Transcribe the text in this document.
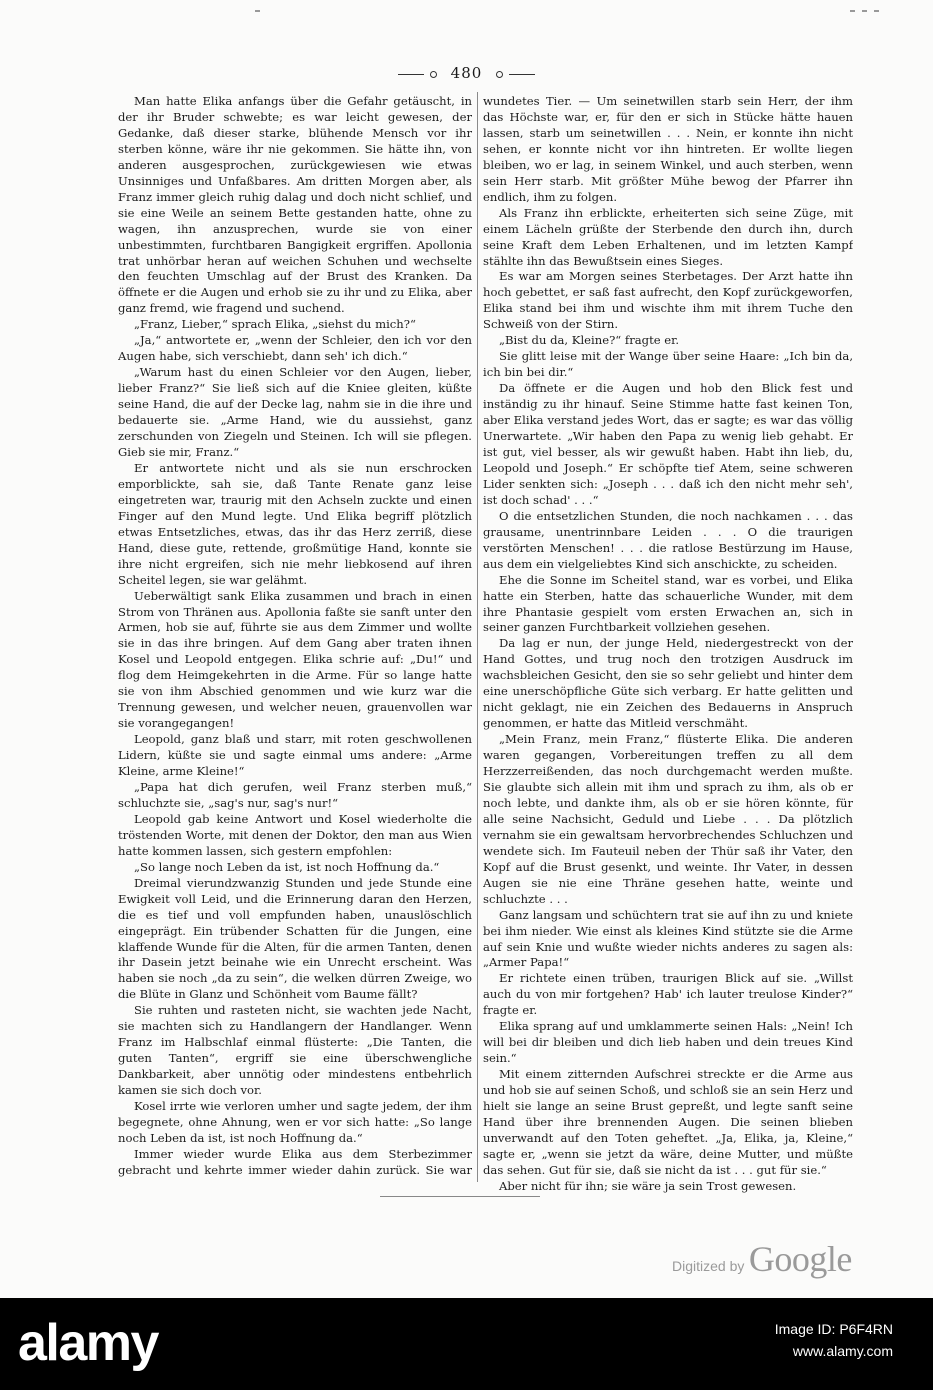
480

Man hatte Elika anfangs über die Gefahr getäuscht, in der ihr Bruder schwebte; es war leicht gewesen, der Gedanke, daß dieser starke, blühende Mensch vor ihr sterben könne, wäre ihr nie gekommen. Sie hätte ihn, von anderen ausgesprochen, zurückgewiesen wie etwas Unsinniges und Unfaßbares. Am dritten Morgen aber, als Franz immer gleich ruhig dalag und doch nicht schlief, und sie eine Weile an seinem Bette gestanden hatte, ohne zu wagen, ihn anzusprechen, wurde sie von einer unbestimmten, furchtbaren Bangigkeit ergriffen. Apollonia trat unhörbar heran auf weichen Schuhen und wechselte den feuchten Umschlag auf der Brust des Kranken. Da öffnete er die Augen und erhob sie zu ihr und zu Elika, aber ganz fremd, wie fragend und suchend.

„Franz, Lieber,“ sprach Elika, „siehst du mich?“

„Ja,“ antwortete er, „wenn der Schleier, den ich vor den Augen habe, sich verschiebt, dann seh' ich dich.“

„Warum hast du einen Schleier vor den Augen, lieber, lieber Franz?“ Sie ließ sich auf die Kniee gleiten, küßte seine Hand, die auf der Decke lag, nahm sie in die ihre und bedauerte sie. „Arme Hand, wie du aussiehst, ganz zerschunden von Ziegeln und Steinen. Ich will sie pflegen. Gieb sie mir, Franz.“

Er antwortete nicht und als sie nun erschrocken emporblickte, sah sie, daß Tante Renate ganz leise eingetreten war, traurig mit den Achseln zuckte und einen Finger auf den Mund legte. Und Elika begriff plötzlich etwas Entsetzliches, etwas, das ihr das Herz zerriß, diese Hand, diese gute, rettende, großmütige Hand, konnte sie ihre nicht ergreifen, sich nie mehr liebkosend auf ihren Scheitel legen, sie war gelähmt.

Ueberwältigt sank Elika zusammen und brach in einen Strom von Thränen aus. Apollonia faßte sie sanft unter den Armen, hob sie auf, führte sie aus dem Zimmer und wollte sie in das ihre bringen. Auf dem Gang aber traten ihnen Kosel und Leopold entgegen. Elika schrie auf: „Du!“ und flog dem Heimgekehrten in die Arme. Für so lange hatte sie von ihm Abschied genommen und wie kurz war die Trennung gewesen, und welcher neuen, grauenvollen war sie vorangegangen!

Leopold, ganz blaß und starr, mit roten geschwollenen Lidern, küßte sie und sagte einmal ums andere: „Arme Kleine, arme Kleine!“

„Papa hat dich gerufen, weil Franz sterben muß,“ schluchzte sie, „sag's nur, sag's nur!“

Leopold gab keine Antwort und Kosel wiederholte die tröstenden Worte, mit denen der Doktor, den man aus Wien hatte kommen lassen, sich gestern empfohlen:

„So lange noch Leben da ist, ist noch Hoffnung da.“

Dreimal vierundzwanzig Stunden und jede Stunde eine Ewigkeit voll Leid, und die Erinnerung daran den Herzen, die es tief und voll empfunden haben, unauslöschlich eingeprägt. Ein trübender Schatten für die Jungen, eine klaffende Wunde für die Alten, für die armen Tanten, denen ihr Dasein jetzt beinahe wie ein Unrecht erscheint. Was haben sie noch „da zu sein“, die welken dürren Zweige, wo die Blüte in Glanz und Schönheit vom Baume fällt?

Sie ruhten und rasteten nicht, sie wachten jede Nacht, sie machten sich zu Handlangern der Handlanger. Wenn Franz im Halbschlaf einmal flüsterte: „Die Tanten, die guten Tanten“, ergriff sie eine überschwengliche Dankbarkeit, aber unnötig oder mindestens entbehrlich kamen sie sich doch vor.

Kosel irrte wie verloren umher und sagte jedem, der ihm begegnete, ohne Ahnung, wen er vor sich hatte: „So lange noch Leben da ist, ist noch Hoffnung da.“

Immer wieder wurde Elika aus dem Sterbezimmer gebracht und kehrte immer wieder dahin zurück. Sie war

wundetes Tier. — Um seinetwillen starb sein Herr, der ihm das Höchste war, er, für den er sich in Stücke hätte hauen lassen, starb um seinetwillen . . . Nein, er konnte ihn nicht sehen, er konnte nicht vor ihn hintreten. Er wollte liegen bleiben, wo er lag, in seinem Winkel, und auch sterben, wenn sein Herr starb. Mit größter Mühe bewog der Pfarrer ihn endlich, ihm zu folgen.

Als Franz ihn erblickte, erheiterten sich seine Züge, mit einem Lächeln grüßte der Sterbende den durch ihn, durch seine Kraft dem Leben Erhaltenen, und im letzten Kampf stählte ihn das Bewußtsein eines Sieges.

Es war am Morgen seines Sterbetages. Der Arzt hatte ihn hoch gebettet, er saß fast aufrecht, den Kopf zurückgeworfen, Elika stand bei ihm und wischte ihm mit ihrem Tuche den Schweiß von der Stirn.

„Bist du da, Kleine?“ fragte er.

Sie glitt leise mit der Wange über seine Haare: „Ich bin da, ich bin bei dir.“

Da öffnete er die Augen und hob den Blick fest und inständig zu ihr hinauf. Seine Stimme hatte fast keinen Ton, aber Elika verstand jedes Wort, das er sagte; es war das völlig Unerwartete. „Wir haben den Papa zu wenig lieb gehabt. Er ist gut, viel besser, als wir gewußt haben. Habt ihn lieb, du, Leopold und Joseph.“ Er schöpfte tief Atem, seine schweren Lider senkten sich: „Joseph . . . daß ich den nicht mehr seh', ist doch schad' . . .“

O die entsetzlichen Stunden, die noch nachkamen . . . das grausame, unentrinnbare Leiden . . . O die traurigen verstörten Menschen! . . . die ratlose Bestürzung im Hause, aus dem ein vielgeliebtes Kind sich anschickte, zu scheiden.

Ehe die Sonne im Scheitel stand, war es vorbei, und Elika hatte ein Sterben, hatte das schauerliche Wunder, mit dem ihre Phantasie gespielt vom ersten Erwachen an, sich in seiner ganzen Furchtbarkeit vollziehen gesehen.

Da lag er nun, der junge Held, niedergestreckt von der Hand Gottes, und trug noch den trotzigen Ausdruck im wachsbleichen Gesicht, den sie so sehr geliebt und hinter dem eine unerschöpfliche Güte sich verbarg. Er hatte gelitten und nicht geklagt, nie ein Zeichen des Bedauerns in Anspruch genommen, er hatte das Mitleid verschmäht.

„Mein Franz, mein Franz,“ flüsterte Elika. Die anderen waren gegangen, Vorbereitungen treffen zu all dem Herzzerreißenden, das noch durchgemacht werden mußte. Sie glaubte sich allein mit ihm und sprach zu ihm, als ob er noch lebte, und dankte ihm, als ob er sie hören könnte, für alle seine Nachsicht, Geduld und Liebe . . . Da plötzlich vernahm sie ein gewaltsam hervorbrechendes Schluchzen und wendete sich. Im Fauteuil neben der Thür saß ihr Vater, den Kopf auf die Brust gesenkt, und weinte. Ihr Vater, in dessen Augen sie nie eine Thräne gesehen hatte, weinte und schluchzte . . .

Ganz langsam und schüchtern trat sie auf ihn zu und kniete bei ihm nieder. Wie einst als kleines Kind stützte sie die Arme auf sein Knie und wußte wieder nichts anderes zu sagen als: „Armer Papa!“

Er richtete einen trüben, traurigen Blick auf sie. „Willst auch du von mir fortgehen? Hab' ich lauter treulose Kinder?“ fragte er.

Elika sprang auf und umklammerte seinen Hals: „Nein! Ich will bei dir bleiben und dich lieb haben und dein treues Kind sein.“

Mit einem zitternden Aufschrei streckte er die Arme aus und hob sie auf seinen Schoß, und schloß sie an sein Herz und hielt sie lange an seine Brust gepreßt, und legte sanft seine Hand über ihre brennenden Augen. Die seinen blieben unverwandt auf den Toten geheftet. „Ja, Elika, ja, Kleine,“ sagte er, „wenn sie jetzt da wäre, deine Mutter, und müßte das sehen. Gut für sie, daß sie nicht da ist . . . gut für sie.“

Aber nicht für ihn; sie wäre ja sein Trost gewesen.

Digitized by Google
alamy	Image ID: P6F4RN
www.alamy.com
